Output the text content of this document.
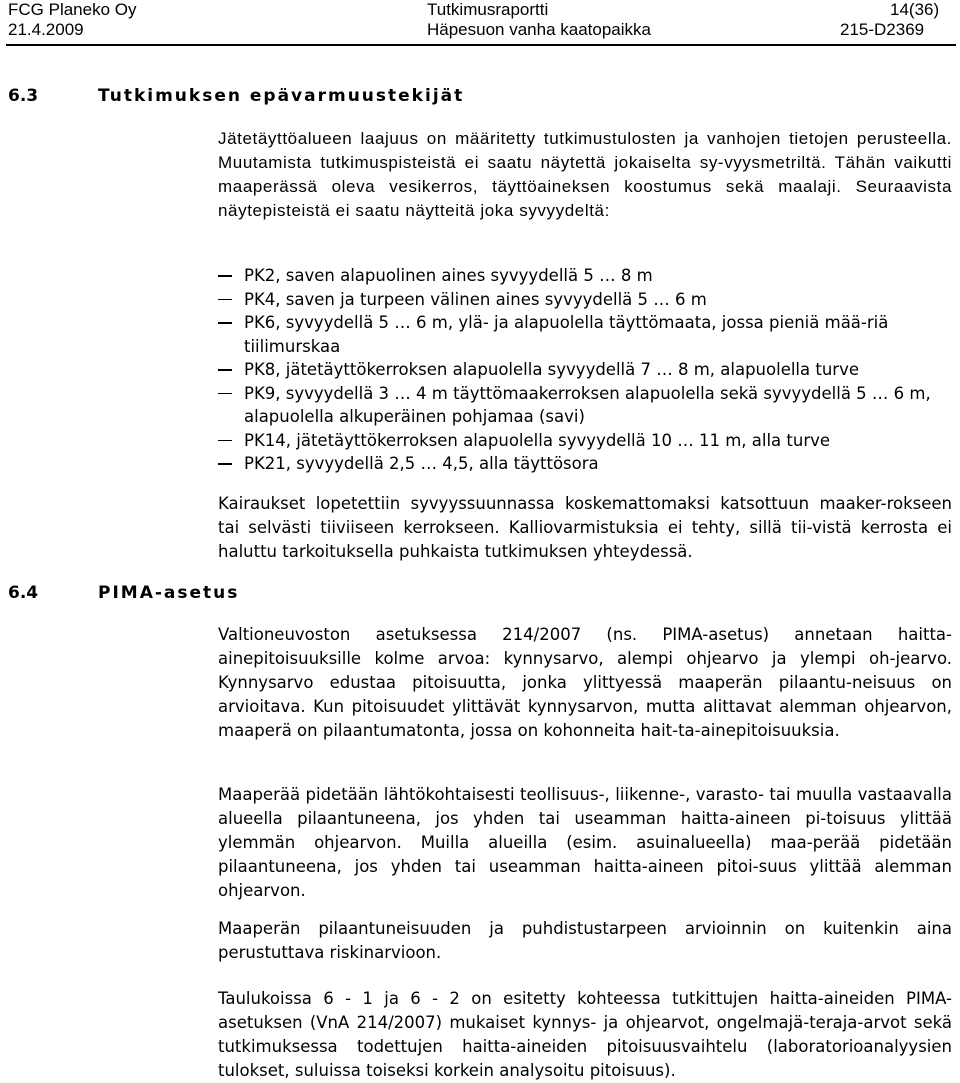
FCG Planeko Oy
21.4.2009
Tutkimusraportti
Häpesuon vanha kaatopaikka
14(36)
215-D2369
6.3	Tutkimuksen epävarmuustekijät

Jätetäyttöalueen laajuus on määritetty tutkimustulosten ja vanhojen tietojen perusteella. Muutamista tutkimuspisteistä ei saatu näytettä jokaiselta sy-vyysmetriltä. Tähän vaikutti maaperässä oleva vesikerros, täyttöaineksen koostumus sekä maalaji. Seuraavista näytepisteistä ei saatu näytteitä joka syvyydeltä:

PK2, saven alapuolinen aines syvyydellä 5 … 8 m
PK4, saven ja turpeen välinen aines syvyydellä 5 … 6 m
PK6, syvyydellä 5 … 6 m, ylä- ja alapuolella täyttömaata, jossa pieniä mää-riä tiilimurskaa
PK8, jätetäyttökerroksen alapuolella syvyydellä 7 … 8 m, alapuolella turve
PK9, syvyydellä 3 … 4 m täyttömaakerroksen alapuolella sekä syvyydellä 5 … 6 m, alapuolella alkuperäinen pohjamaa (savi)
PK14, jätetäyttökerroksen alapuolella syvyydellä 10 … 11 m, alla turve
PK21, syvyydellä 2,5 … 4,5, alla täyttösora

Kairaukset lopetettiin syvyyssuunnassa koskemattomaksi katsottuun maaker-rokseen tai selvästi tiiviiseen kerrokseen. Kalliovarmistuksia ei tehty, sillä tii-vistä kerrosta ei haluttu tarkoituksella puhkaista tutkimuksen yhteydessä.

6.4	PIMA-asetus

Valtioneuvoston asetuksessa 214/2007 (ns. PIMA-asetus) annetaan haitta-ainepitoisuuksille kolme arvoa: kynnysarvo, alempi ohjearvo ja ylempi oh-jearvo. Kynnysarvo edustaa pitoisuutta, jonka ylittyessä maaperän pilaantu-neisuus on arvioitava. Kun pitoisuudet ylittävät kynnysarvon, mutta alittavat alemman ohjearvon, maaperä on pilaantumatonta, jossa on kohonneita hait-ta-ainepitoisuuksia.

Maaperää pidetään lähtökohtaisesti teollisuus-, liikenne-, varasto- tai muulla vastaavalla alueella pilaantuneena, jos yhden tai useamman haitta-aineen pi-toisuus ylittää ylemmän ohjearvon. Muilla alueilla (esim. asuinalueella) maa-perää pidetään pilaantuneena, jos yhden tai useamman haitta-aineen pitoi-suus ylittää alemman ohjearvon.

Maaperän pilaantuneisuuden ja puhdistustarpeen arvioinnin on kuitenkin aina perustuttava riskinarvioon.

Taulukoissa 6 - 1 ja 6 - 2 on esitetty kohteessa tutkittujen haitta-aineiden PIMA-asetuksen (VnA 214/2007) mukaiset kynnys- ja ohjearvot, ongelmajä-teraja-arvot sekä tutkimuksessa todettujen haitta-aineiden pitoisuusvaihtelu (laboratorioanalyysien tulokset, suluissa toiseksi korkein analysoitu pitoisuus).
